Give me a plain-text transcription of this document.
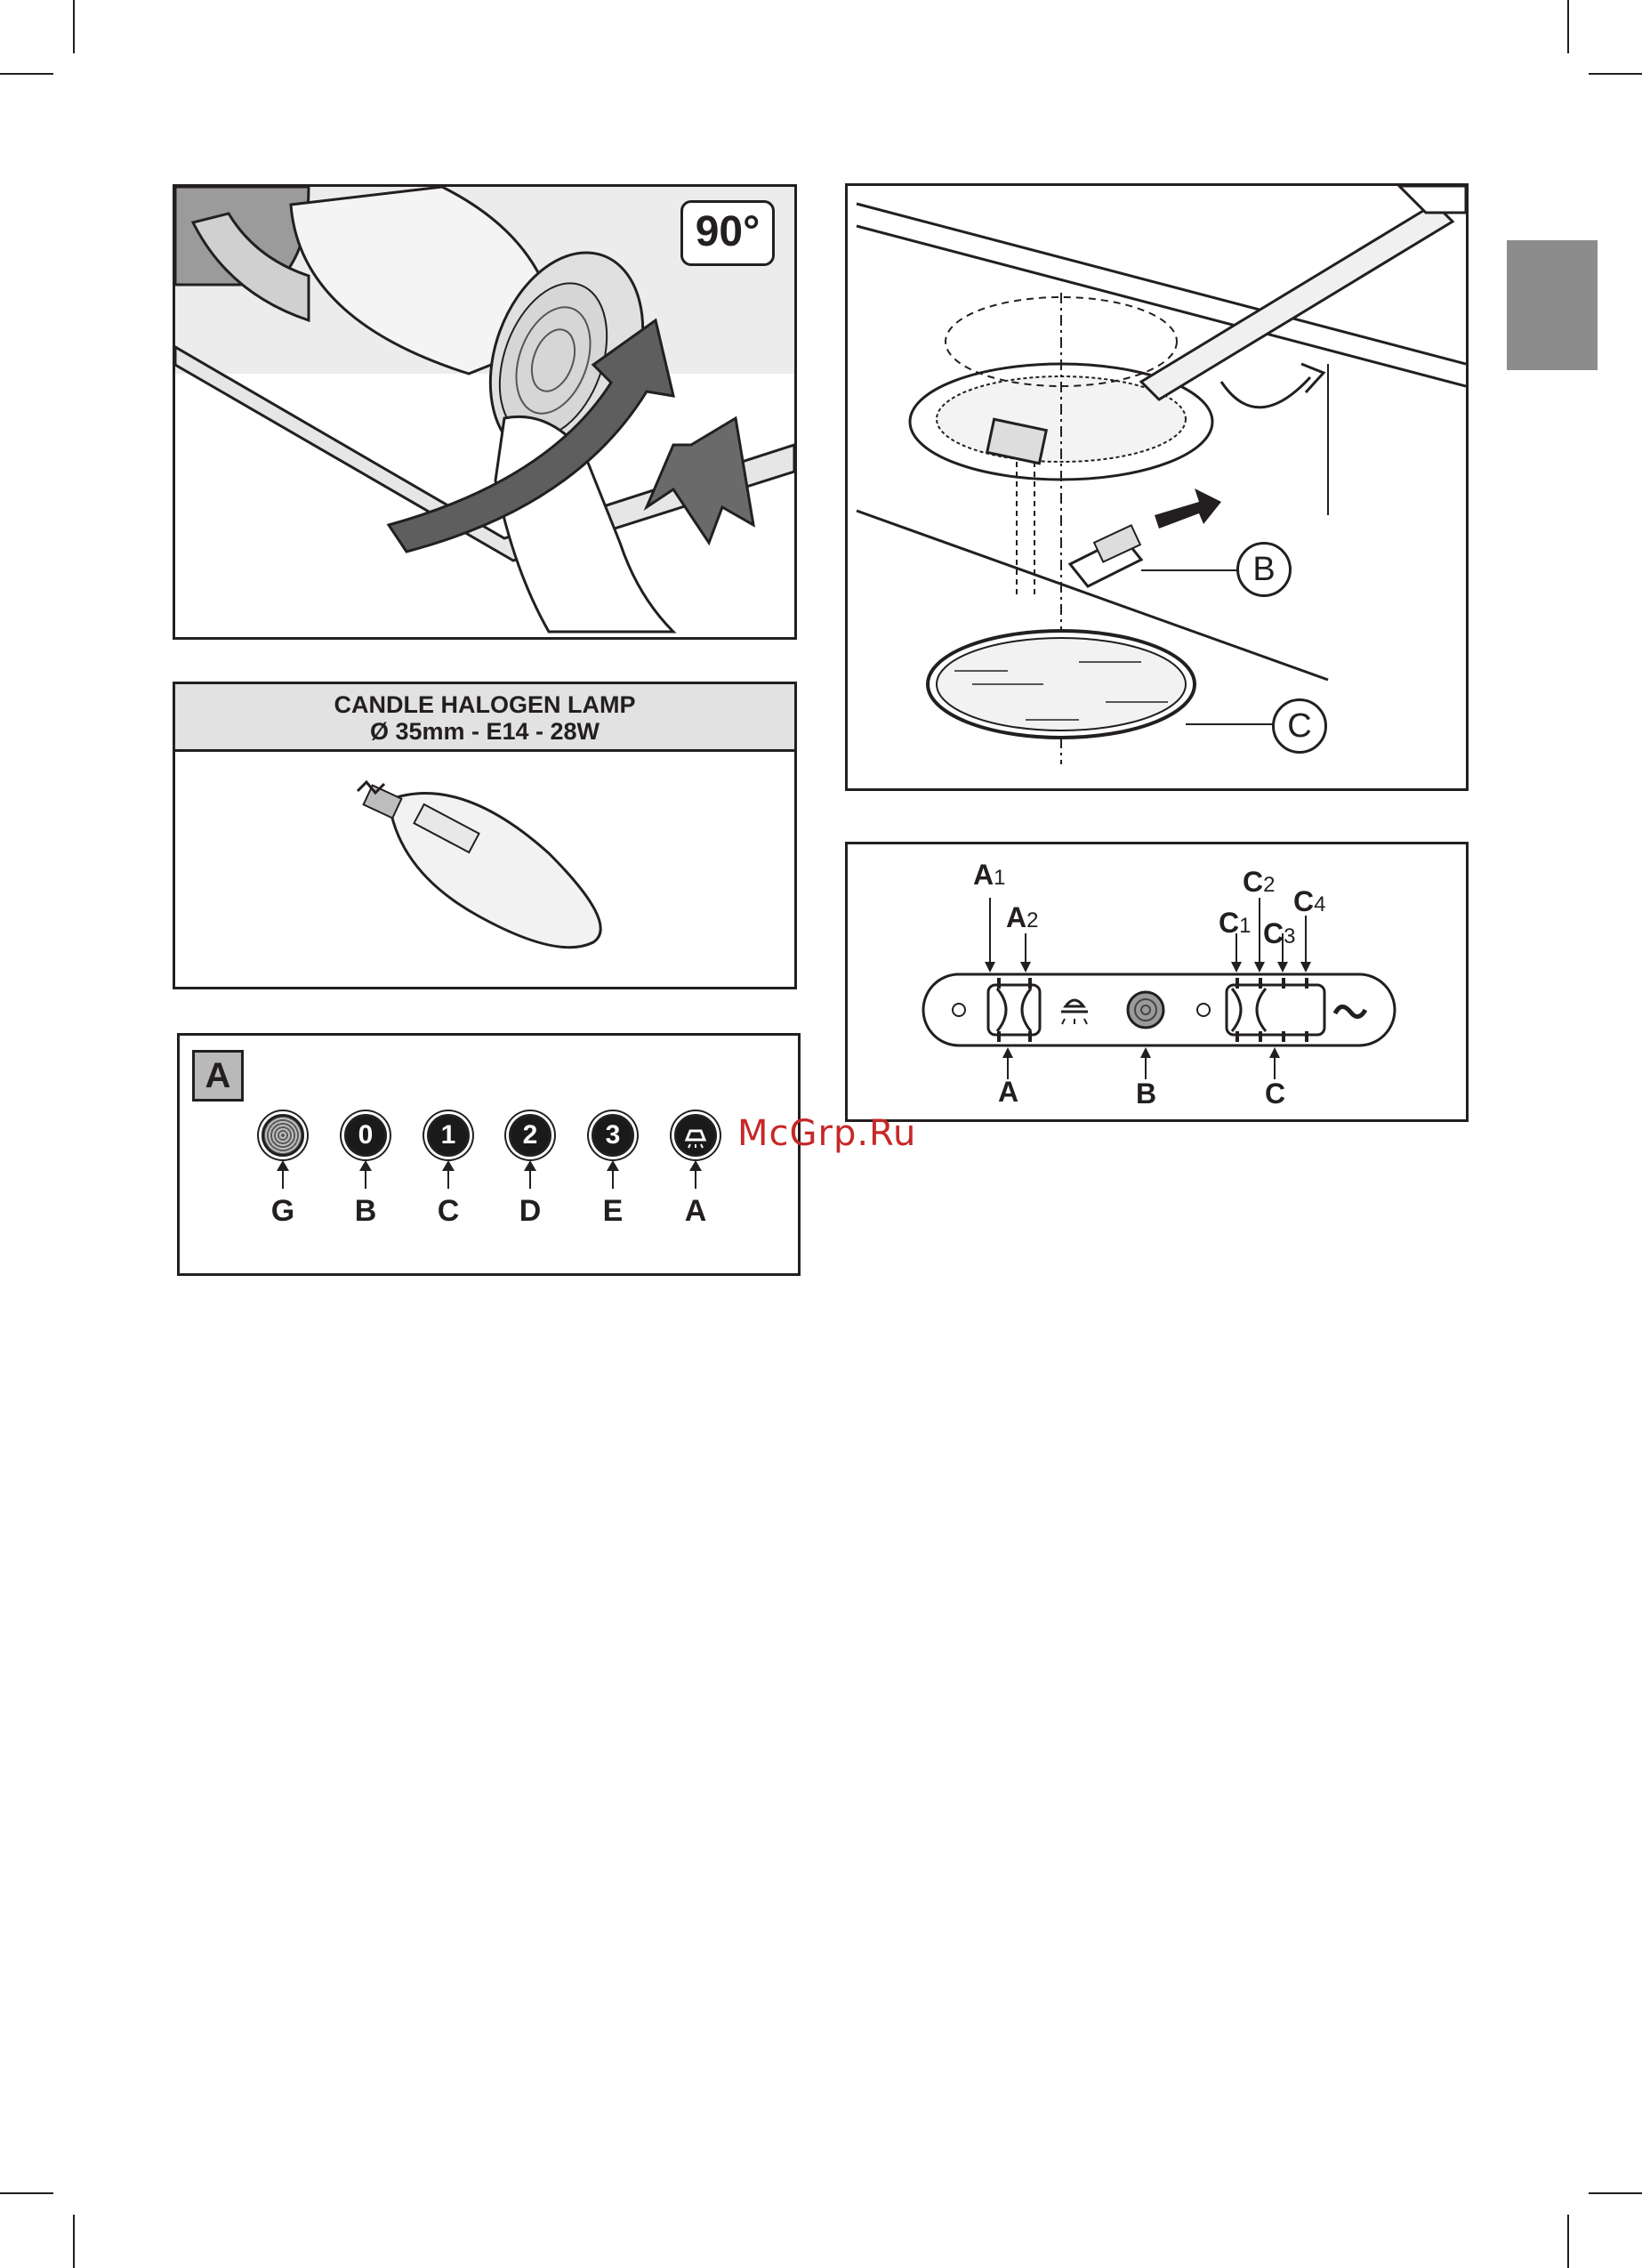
90°
CANDLE HALOGEN LAMP
Ø 35mm - E14 - 28W
A
G
0
B
1
C
2
D
3
E	A
B
C
A1
A2	C1
C2
C3
C4
A	B	C
McGrp.Ru
